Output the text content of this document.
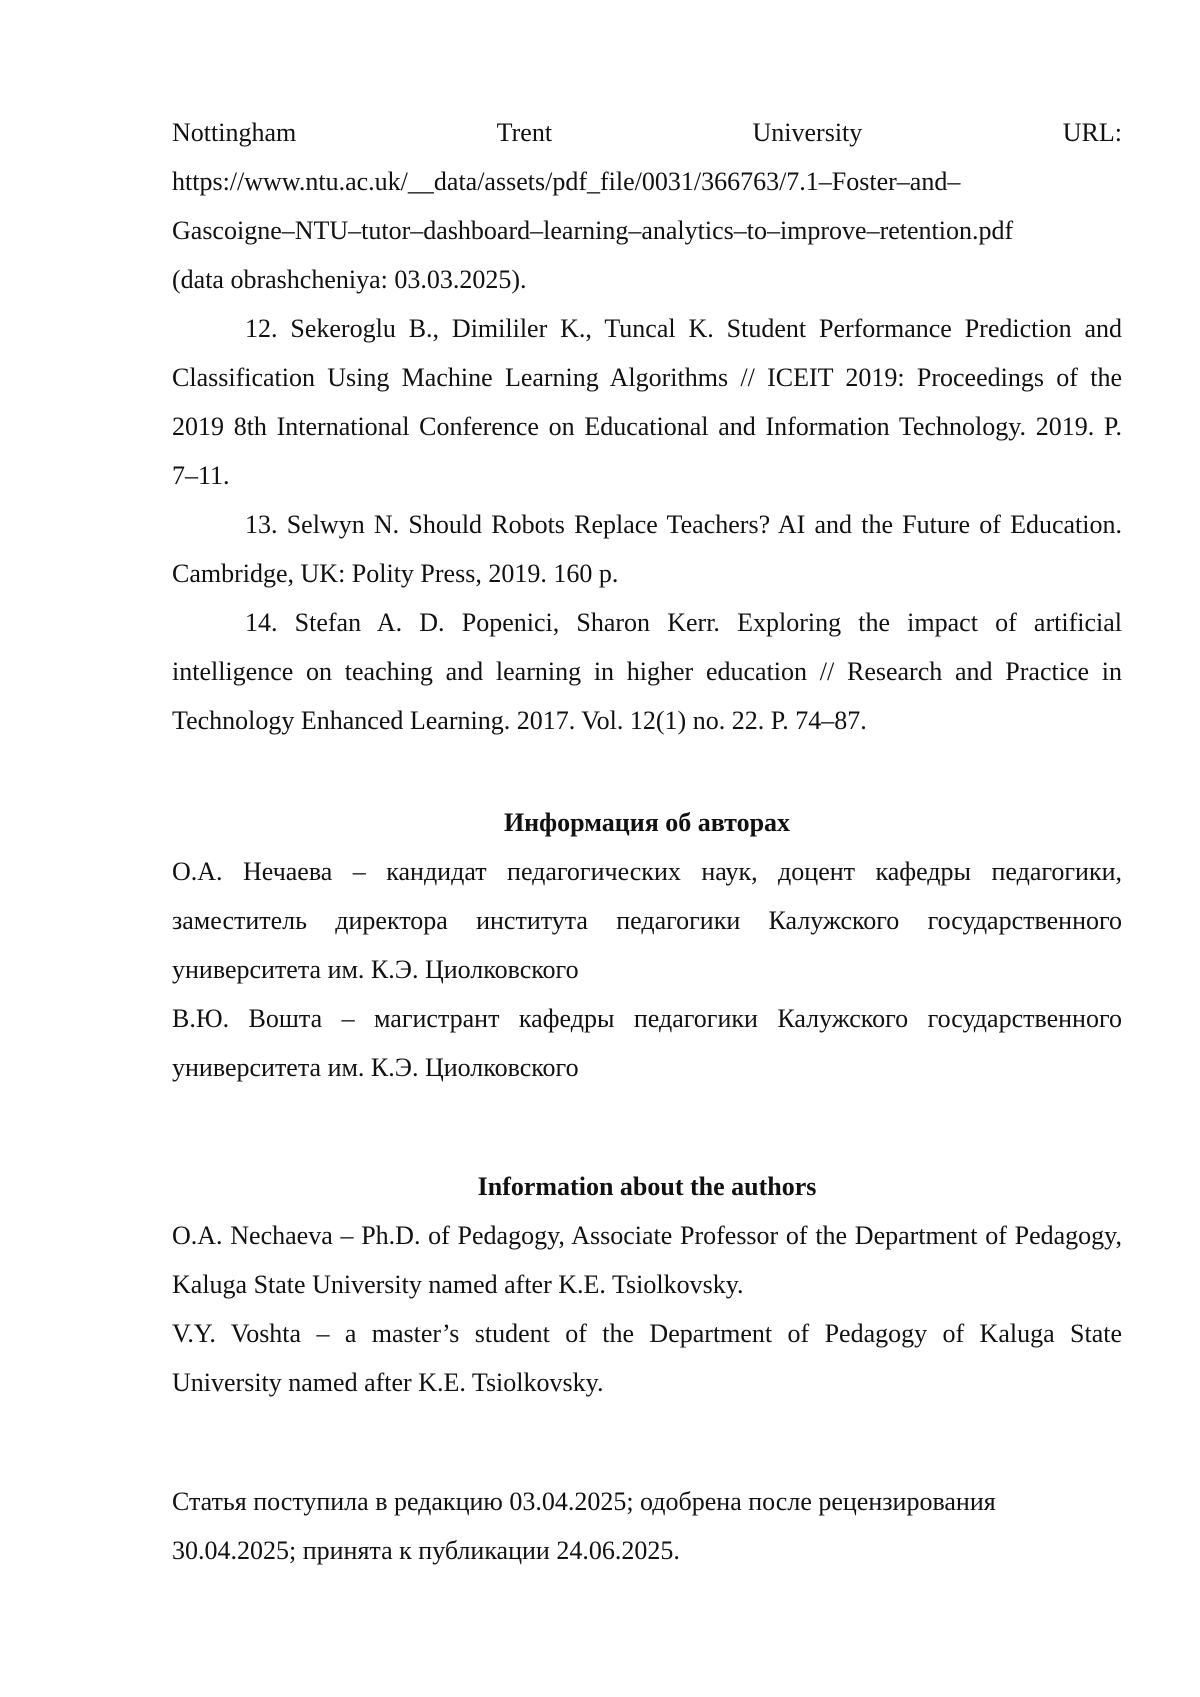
Nottingham	Trent	University	URL:
https://www.ntu.ac.uk/__data/assets/pdf_file/0031/366763/7.1–Foster–and–
Gascoigne–NTU–tutor–dashboard–learning–analytics–to–improve–retention.pdf
(data obrashcheniya: 03.03.2025).

12. Sekeroglu B., Dimililer K., Tuncal K. Student Performance Prediction and Classification Using Machine Learning Algorithms // ICEIT 2019: Proceedings of the 2019 8th International Conference on Educational and Information Technology. 2019. P. 7–11.

13. Selwyn N. Should Robots Replace Teachers? AI and the Future of Education. Cambridge, UK: Polity Press, 2019. 160 p.

14. Stefan A. D. Popenici, Sharon Kerr. Exploring the impact of artificial intelligence on teaching and learning in higher education // Research and Practice in Technology Enhanced Learning. 2017. Vol. 12(1) no. 22. P. 74–87.

Информация об авторах

О.А. Нечаева – кандидат педагогических наук, доцент кафедры педагогики, заместитель директора института педагогики Калужского государственного университета им. К.Э. Циолковского

В.Ю. Вошта – магистрант кафедры педагогики Калужского государственного университета им. К.Э. Циолковского

Information about the authors

O.A. Nechaeva – Ph.D. of Pedagogy, Associate Professor of the Department of Pedagogy, Kaluga State University named after K.E. Tsiolkovsky.

V.Y. Voshta – a master’s student of the Department of Pedagogy of Kaluga State University named after K.E. Tsiolkovsky.

Статья поступила в редакцию 03.04.2025; одобрена после рецензирования
30.04.2025; принята к публикации 24.06.2025.
